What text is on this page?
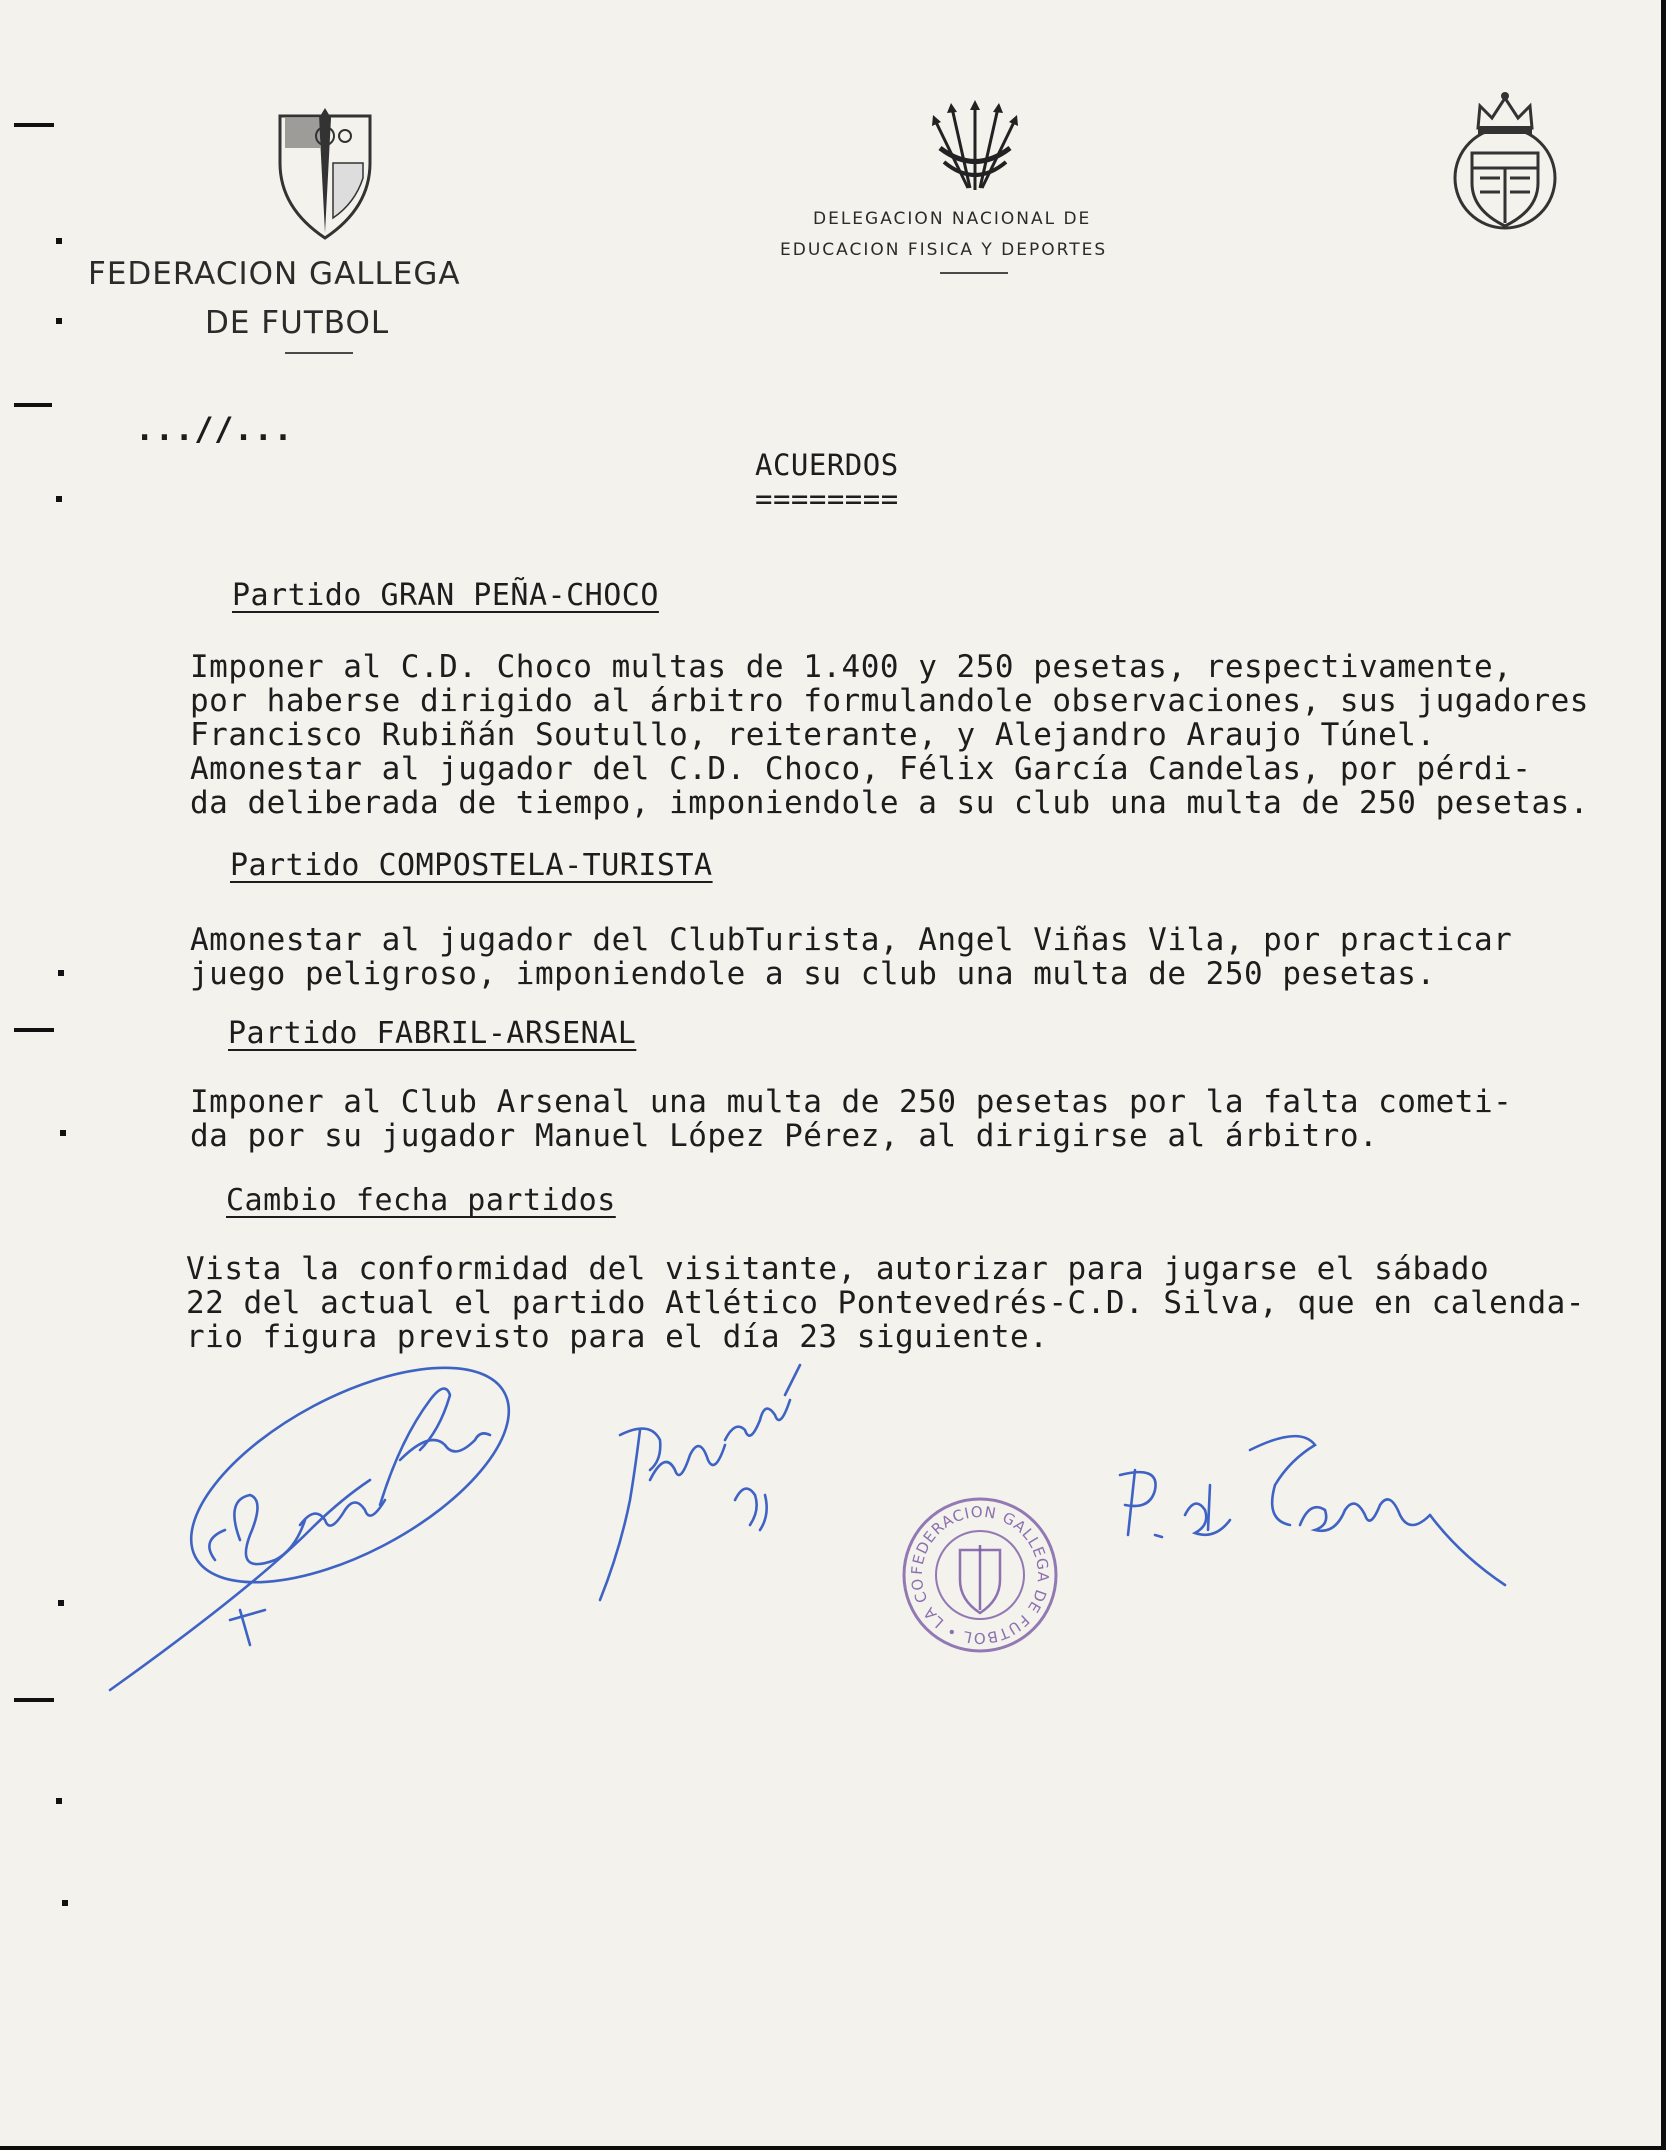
FEDERACION GALLEGA
DE FUTBOL
DELEGACION NACIONAL DE
EDUCACION FISICA Y DEPORTES
...//...
ACUERDOS
========
Partido GRAN PEÑA-CHOCO
Imponer al C.D. Choco multas de 1.400 y 250 pesetas, respectivamente,
por haberse dirigido al árbitro formulandole observaciones, sus jugadores
Francisco Rubiñán Soutullo, reiterante, y Alejandro Araujo Túnel.
Amonestar al jugador del C.D. Choco, Félix García Candelas, por pérdi-
da deliberada de tiempo, imponiendole a su club una multa de 250 pesetas.
Partido COMPOSTELA-TURISTA
Amonestar al jugador del ClubTurista, Angel Viñas Vila, por practicar
juego peligroso, imponiendole a su club una multa de 250 pesetas.
Partido FABRIL-ARSENAL
Imponer al Club Arsenal una multa de 250 pesetas por la falta cometi-
da por su jugador Manuel López Pérez, al dirigirse al árbitro.
Cambio fecha partidos
Vista la conformidad del visitante, autorizar para jugarse el sábado
22 del actual el partido Atlético Pontevedrés-C.D. Silva, que en calenda-
rio figura previsto para el día 23 siguiente.
FEDERACION GALLEGA DE FUTBOL • LA CORUÑA •
